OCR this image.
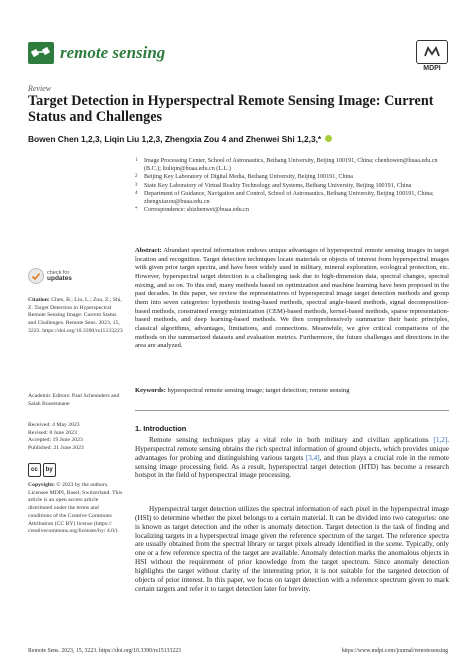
remote sensing
MDPI
Review
Target Detection in Hyperspectral Remote Sensing Image: Current Status and Challenges
Bowen Chen 1,2,3, Liqin Liu 1,2,3, Zhengxia Zou 4 and Zhenwei Shi 1,2,3,*
1	Image Processing Center, School of Astronautics, Beihang University, Beijing 100191, China; chenbowen@buaa.edu.cn (B.C.); liuliqin@buaa.edu.cn (L.L.)
2	Beijing Key Laboratory of Digital Media, Beihang University, Beijing 100191, China
3	State Key Laboratory of Virtual Reality Technology and Systems, Beihang University, Beijing 100191, China
4	Department of Guidance, Navigation and Control, School of Astronautics, Beihang University, Beijing 100191, China; zhengxiazou@buaa.edu.cn
*	Correspondence: shizhenwei@buaa.edu.cn
Abstract: Abundant spectral information endows unique advantages of hyperspectral remote sensing images in target location and recognition. Target detection techniques locate materials or objects of interest from hyperspectral images with given prior target spectra, and have been widely used in military, mineral exploration, ecological protection, etc. However, hyperspectral target detection is a challenging task due to high-dimension data, spectral changes, spectral mixing, and so on. To this end, many methods based on optimization and machine learning have been proposed in the past decades. In this paper, we review the representatives of hyperspectral image target detection methods and group them into seven categories: hypothesis testing-based methods, spectral angle-based methods, signal decomposition-based methods, constrained energy minimization (CEM)-based methods, kernel-based methods, sparse representation-based methods, and deep learning-based methods. We then comprehensively summarize their basic principles, classical algorithms, advantages, limitations, and connections. Meanwhile, we give critical comparisons of the methods on the summarized datasets and evaluation metrics. Furthermore, the future challenges and directions in the area are analyzed.
Keywords: hyperspectral remote sensing image; target detection; remote sensing
check for
updates
Citation: Chen, B.; Liu, L.; Zou, Z.; Shi, Z. Target Detection in Hyperspectral Remote Sensing Image: Current Status and Challenges. Remote Sens. 2023, 15, 3223. https://doi.org/10.3390/rs15133223
Academic Editors: Paul Scheunders and Salah Bourennane
Received: 4 May 2023
Revised: 8 June 2023
Accepted: 19 June 2023
Published: 21 June 2023
cc	by
Copyright: © 2023 by the authors. Licensee MDPI, Basel, Switzerland. This article is an open access article distributed under the terms and conditions of the Creative Commons Attribution (CC BY) license (https:// creativecommons.org/licenses/by/ 4.0/).
1. Introduction
Remote sensing techniques play a vital role in both military and civilian applications [1,2]. Hyperspectral remote sensing obtains the rich spectral information of ground objects, which provides unique advantages for probing and distinguishing various targets [3,4], and thus plays a crucial role in the remote sensing image processing field. As a result, hyperspectral target detection (HTD) has become a research hotspot in the field of hyperspectral image processing.
Hyperspectral target detection utilizes the spectral information of each pixel in the hyperspectral image (HSI) to determine whether the pixel belongs to a certain material. It can be divided into two categories: one is known as target detection and the other is anomaly detection. Target detection is the task of finding and localizing targets in a hyperspectral image given the reference spectrum of the target. The reference spectra are usually obtained from the spectral library or target pixels already identified in the scene. Typically, only one or a few reference spectra of the target are available. Anomaly detection marks the anomalous objects in HSI without the requirement of prior knowledge from the target spectrum. Since anomaly detection highlights the target without clarity of the interesting prior, it is not suitable for the targeted detection of objects of prior interest. In this paper, we focus on target detection with a reference spectrum given to mark certain targets and refer it to target detection later for brevity.
Remote Sens. 2023, 15, 3223. https://doi.org/10.3390/rs15133223	https://www.mdpi.com/journal/remotesensing
